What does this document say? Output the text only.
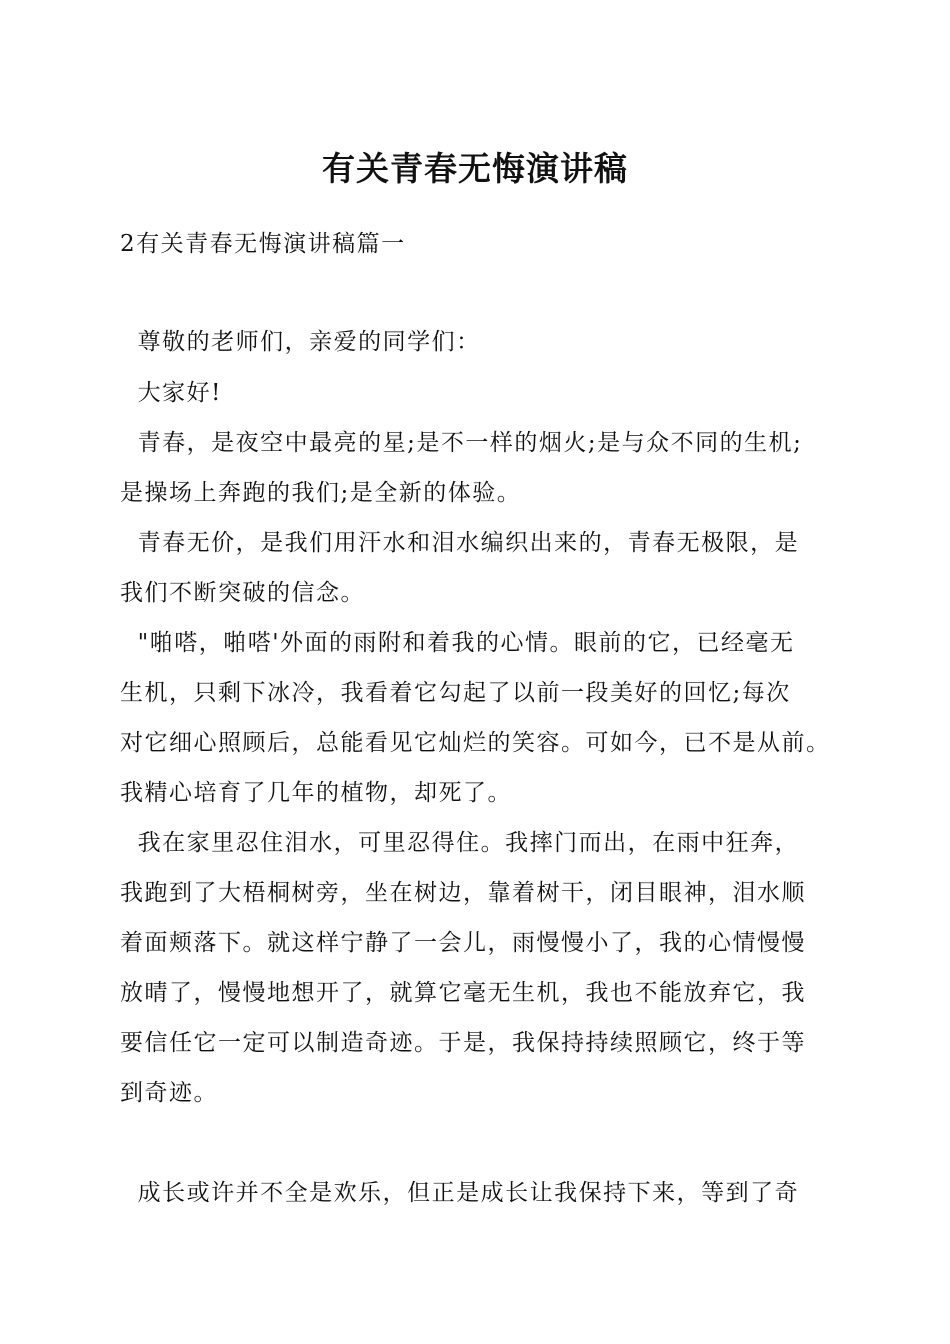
有关青春无悔演讲稿
2有关青春无悔演讲稿篇一
尊敬的老师们，亲爱的同学们：
大家好!
青春，是夜空中最亮的星;是不一样的烟火;是与众不同的生机;
是操场上奔跑的我们;是全新的体验。
青春无价，是我们用汗水和泪水编织出来的，青春无极限，是
我们不断突破的信念。
"啪嗒，啪嗒'外面的雨附和着我的心情。眼前的它，已经毫无
生机，只剩下冰冷，我看着它勾起了以前一段美好的回忆;每次
对它细心照顾后，总能看见它灿烂的笑容。可如今，已不是从前。
我精心培育了几年的植物，却死了。
我在家里忍住泪水，可里忍得住。我摔门而出，在雨中狂奔，
我跑到了大梧桐树旁，坐在树边，靠着树干，闭目眼神，泪水顺
着面颊落下。就这样宁静了一会儿，雨慢慢小了，我的心情慢慢
放晴了，慢慢地想开了，就算它毫无生机，我也不能放弃它，我
要信任它一定可以制造奇迹。于是，我保持持续照顾它，终于等
到奇迹。
成长或许并不全是欢乐，但正是成长让我保持下来，等到了奇
